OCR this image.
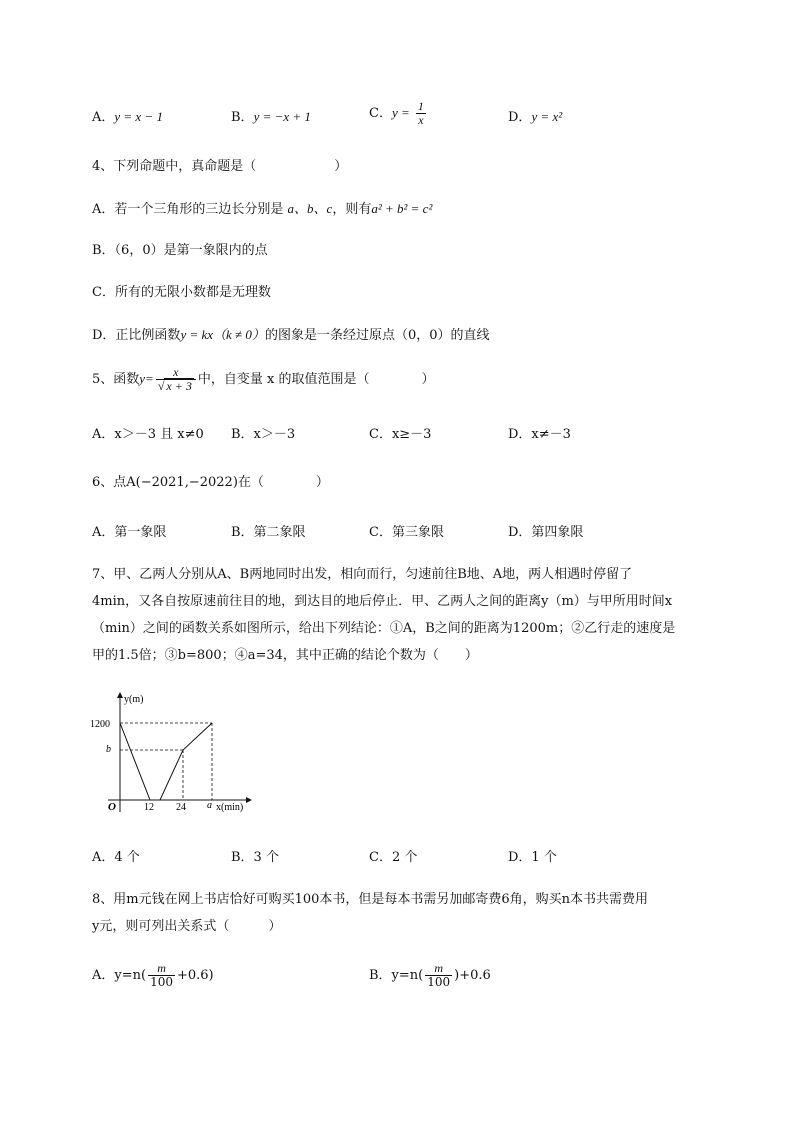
A．y = x − 1	B．y = −x + 1	C．$y = \frac{1}{x}$	D．y = x²
4、下列命题中，真命题是（　　　　　　）
A．若一个三角形的三边长分别是 a、b、c，则有a² + b² = c²
B．（6，0）是第一象限内的点
C．所有的无限小数都是无理数
D．正比例函数y = kx（k ≠ 0）的图象是一条经过原点（0，0）的直线
5、函数$y= \frac{x}{√ x + 3}$ 中，自变量 x 的取值范围是（　　　　）
A．x＞－3 且 x≠0 B．x＞－3	C．x≥－3	D．x≠－3
6、点A(−2021,−2022)在（　　　　）
A．第一象限	B．第二象限	C．第三象限	D．第四象限
7、甲、乙两人分别从A、B两地同时出发，相向而行，匀速前往B地、A地，两人相遇时停留了
4min，又各自按原速前往目的地，到达目的地后停止．甲、乙两人之间的距离y（m）与甲所用时间x
（min）之间的函数关系如图所示，给出下列结论：①A，B之间的距离为1200m；②乙行走的速度是
甲的1.5倍；③b=800；④a=34，其中正确的结论个数为（　　）
y(m)
x(min)
O
1200
b
12 24 a
A．4 个	B．3 个	C．2 个	D．1 个
8、用m元钱在网上书店恰好可购买100本书，但是每本书需另加邮寄费6角，购买n本书共需费用
y元，则可列出关系式（　　　）
A．$y=n( \frac{m}{100} +0.6)$	B．$y=n( \frac{m}{100} )+0.6$
